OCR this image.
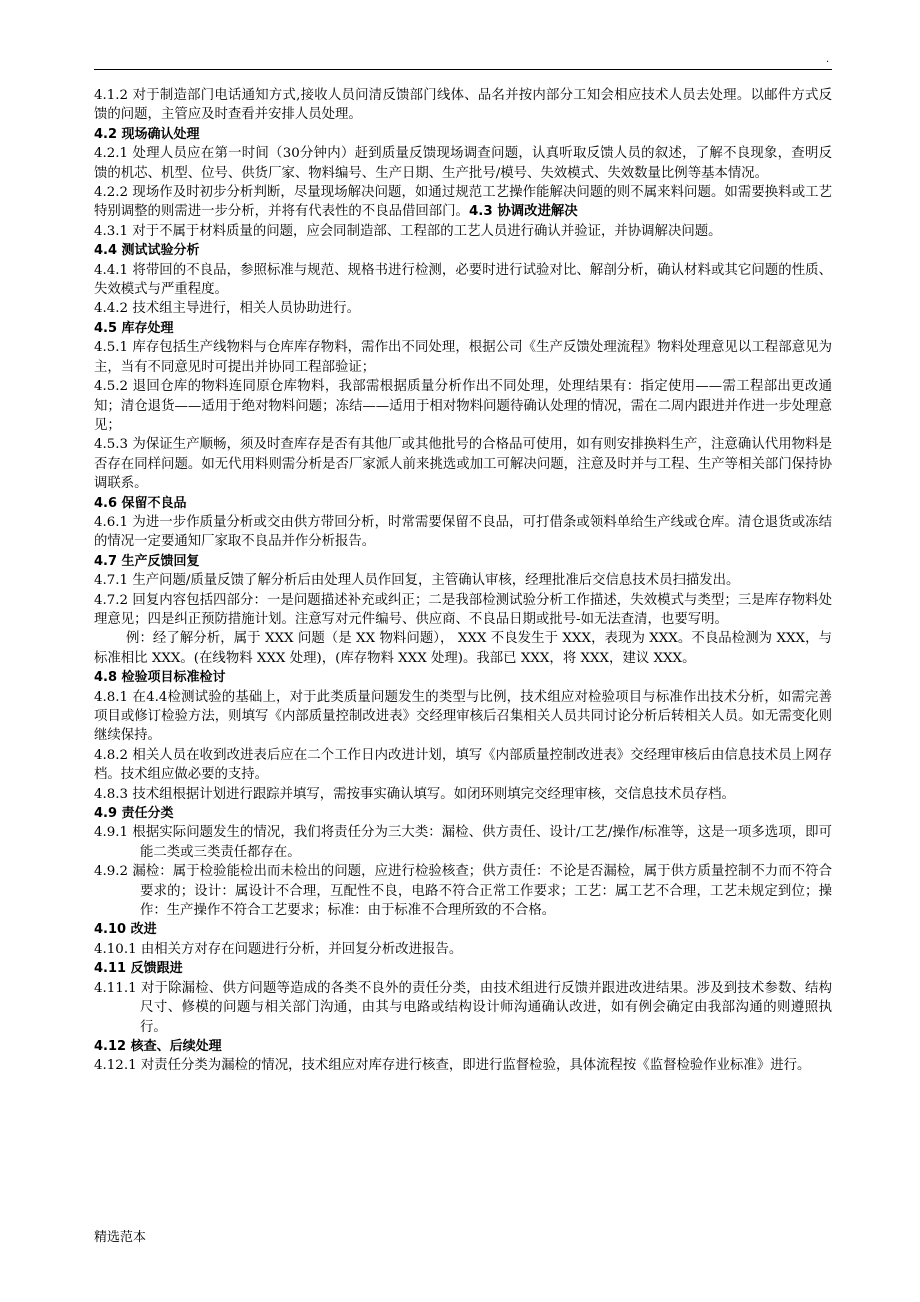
.

4.1.2 对于制造部门电话通知方式,接收人员问清反馈部门线体、品名并按内部分工知会相应技术人员去处理。以邮件方式反馈的问题，主管应及时查看并安排人员处理。

4.2 现场确认处理

4.2.1 处理人员应在第一时间（30分钟内）赶到质量反馈现场调查问题，认真听取反馈人员的叙述，了解不良现象，查明反馈的机芯、机型、位号、供货厂家、物料编号、生产日期、生产批号/模号、失效模式、失效数量比例等基本情况。

4.2.2 现场作及时初步分析判断，尽量现场解决问题，如通过规范工艺操作能解决问题的则不属来料问题。如需要换料或工艺特别调整的则需进一步分析，并将有代表性的不良品借回部门。4.3 协调改进解决

4.3.1 对于不属于材料质量的问题，应会同制造部、工程部的工艺人员进行确认并验证，并协调解决问题。

4.4 测试试验分析

4.4.1 将带回的不良品，参照标准与规范、规格书进行检测，必要时进行试验对比、解剖分析，确认材料或其它问题的性质、失效模式与严重程度。

4.4.2 技术组主导进行，相关人员协助进行。

4.5 库存处理

4.5.1 库存包括生产线物料与仓库库存物料，需作出不同处理，根据公司《生产反馈处理流程》物料处理意见以工程部意见为主，当有不同意见时可提出并协同工程部验证；

4.5.2 退回仓库的物料连同原仓库物料，我部需根据质量分析作出不同处理，处理结果有：指定使用——需工程部出更改通知；清仓退货——适用于绝对物料问题；冻结——适用于相对物料问题待确认处理的情况，需在二周内跟进并作进一步处理意见；

4.5.3 为保证生产顺畅，须及时查库存是否有其他厂或其他批号的合格品可使用，如有则安排换料生产，注意确认代用物料是否存在同样问题。如无代用料则需分析是否厂家派人前来挑选或加工可解决问题，注意及时并与工程、生产等相关部门保持协调联系。

4.6 保留不良品

4.6.1 为进一步作质量分析或交由供方带回分析，时常需要保留不良品，可打借条或领料单给生产线或仓库。清仓退货或冻结的情况一定要通知厂家取不良品并作分析报告。

4.7 生产反馈回复

4.7.1 生产问题/质量反馈了解分析后由处理人员作回复，主管确认审核，经理批准后交信息技术员扫描发出。

4.7.2 回复内容包括四部分：一是问题描述补充或纠正；二是我部检测试验分析工作描述，失效模式与类型；三是库存物料处理意见；四是纠正预防措施计划。注意写对元件编号、供应商、不良品日期或批号-如无法查清，也要写明。

例：经了解分析，属于 XXX 问题（是 XX 物料问题）， XXX 不良发生于 XXX，表现为 XXX。不良品检测为 XXX，与标准相比 XXX。(在线物料 XXX 处理)，(库存物料 XXX 处理)。我部已 XXX，将 XXX，建议 XXX。

4.8 检验项目标准检讨

4.8.1 在4.4检测试验的基础上，对于此类质量问题发生的类型与比例，技术组应对检验项目与标准作出技术分析，如需完善项目或修订检验方法，则填写《内部质量控制改进表》交经理审核后召集相关人员共同讨论分析后转相关人员。如无需变化则继续保持。

4.8.2 相关人员在收到改进表后应在二个工作日内改进计划，填写《内部质量控制改进表》交经理审核后由信息技术员上网存档。技术组应做必要的支持。

4.8.3 技术组根据计划进行跟踪并填写，需按事实确认填写。如闭环则填完交经理审核，交信息技术员存档。

4.9 责任分类

4.9.1 根据实际问题发生的情况，我们将责任分为三大类：漏检、供方责任、设计/工艺/操作/标准等，这是一项多选项，即可能二类或三类责任都存在。

4.9.2 漏检：属于检验能检出而未检出的问题，应进行检验核查；供方责任：不论是否漏检，属于供方质量控制不力而不符合要求的；设计：属设计不合理，互配性不良，电路不符合正常工作要求；工艺：属工艺不合理，工艺未规定到位；操作：生产操作不符合工艺要求；标准：由于标准不合理所致的不合格。

4.10 改进

4.10.1 由相关方对存在问题进行分析，并回复分析改进报告。

4.11 反馈跟进

4.11.1 对于除漏检、供方问题等造成的各类不良外的责任分类，由技术组进行反馈并跟进改进结果。涉及到技术参数、结构尺寸、修模的问题与相关部门沟通，由其与电路或结构设计师沟通确认改进，如有例会确定由我部沟通的则遵照执行。

4.12 核查、后续处理

4.12.1 对责任分类为漏检的情况，技术组应对库存进行核查，即进行监督检验，具体流程按《监督检验作业标准》进行。

精选范本
